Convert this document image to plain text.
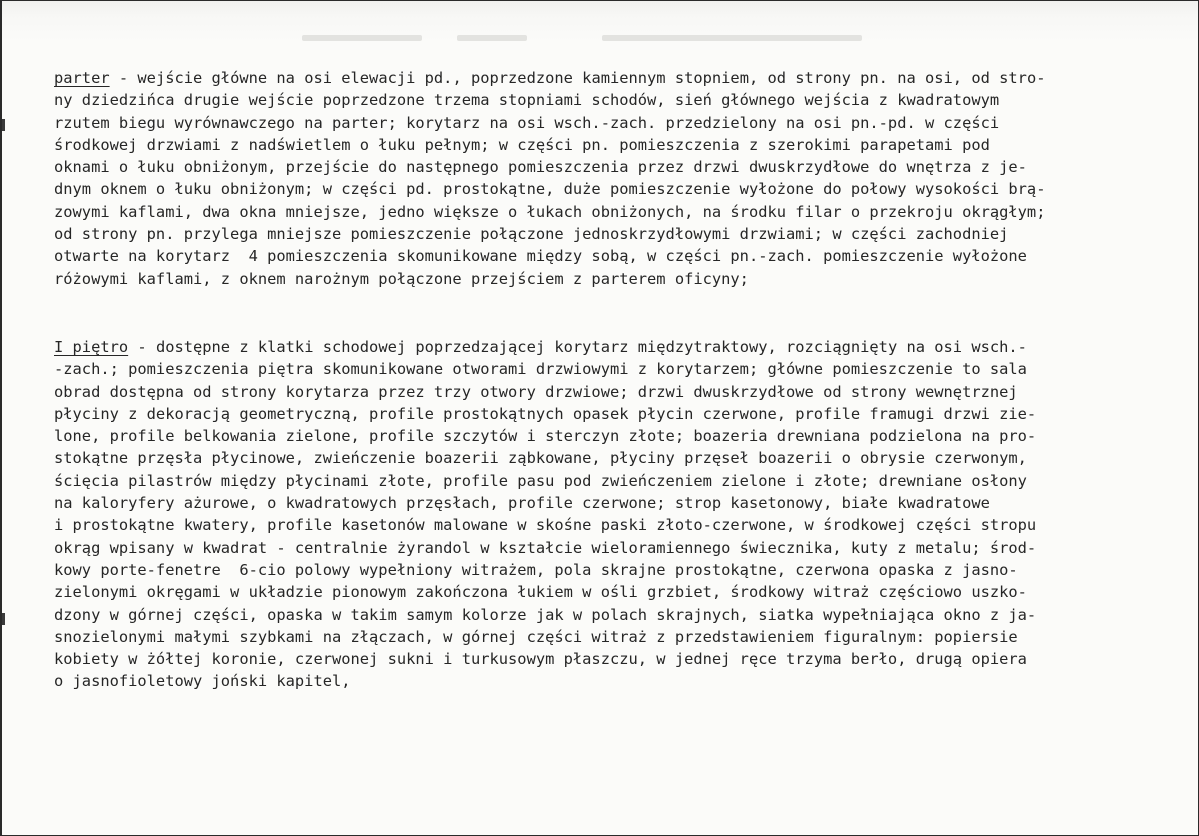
parter - wejście główne na osi elewacji pd., poprzedzone kamiennym stopniem, od strony pn. na osi, od stro-
ny dziedzińca drugie wejście poprzedzone trzema stopniami schodów, sień głównego wejścia z kwadratowym
rzutem biegu wyrównawczego na parter; korytarz na osi wsch.-zach. przedzielony na osi pn.-pd. w części
środkowej drzwiami z nadświetlem o łuku pełnym; w części pn. pomieszczenia z szerokimi parapetami pod
oknami o łuku obniżonym, przejście do następnego pomieszczenia przez drzwi dwuskrzydłowe do wnętrza z je-
dnym oknem o łuku obniżonym; w części pd. prostokątne, duże pomieszczenie wyłożone do połowy wysokości brą-
zowymi kaflami, dwa okna mniejsze, jedno większe o łukach obniżonych, na środku filar o przekroju okrągłym;
od strony pn. przylega mniejsze pomieszczenie połączone jednoskrzydłowymi drzwiami; w części zachodniej
otwarte na korytarz  4 pomieszczenia skomunikowane między sobą, w części pn.-zach. pomieszczenie wyłożone
różowymi kaflami, z oknem narożnym połączone przejściem z parterem oficyny;
I piętro - dostępne z klatki schodowej poprzedzającej korytarz międzytraktowy, rozciągnięty na osi wsch.-
-zach.; pomieszczenia piętra skomunikowane otworami drzwiowymi z korytarzem; główne pomieszczenie to sala
obrad dostępna od strony korytarza przez trzy otwory drzwiowe; drzwi dwuskrzydłowe od strony wewnętrznej
płyciny z dekoracją geometryczną, profile prostokątnych opasek płycin czerwone, profile framugi drzwi zie-
lone, profile belkowania zielone, profile szczytów i sterczyn złote; boazeria drewniana podzielona na pro-
stokątne przęsła płycinowe, zwieńczenie boazerii ząbkowane, płyciny przęseł boazerii o obrysie czerwonym,
ścięcia pilastrów między płycinami złote, profile pasu pod zwieńczeniem zielone i złote; drewniane osłony
na kaloryfery ażurowe, o kwadratowych przęsłach, profile czerwone; strop kasetonowy, białe kwadratowe
i prostokątne kwatery, profile kasetonów malowane w skośne paski złoto-czerwone, w środkowej części stropu
okrąg wpisany w kwadrat - centralnie żyrandol w kształcie wieloramiennego świecznika, kuty z metalu; środ-
kowy porte-fenetre  6-cio polowy wypełniony witrażem, pola skrajne prostokątne, czerwona opaska z jasno-
zielonymi okręgami w układzie pionowym zakończona łukiem w ośli grzbiet, środkowy witraż częściowo uszko-
dzony w górnej części, opaska w takim samym kolorze jak w polach skrajnych, siatka wypełniająca okno z ja-
snozielonymi małymi szybkami na złączach, w górnej części witraż z przedstawieniem figuralnym: popiersie
kobiety w żółtej koronie, czerwonej sukni i turkusowym płaszczu, w jednej ręce trzyma berło, drugą opiera
o jasnofioletowy joński kapitel,
